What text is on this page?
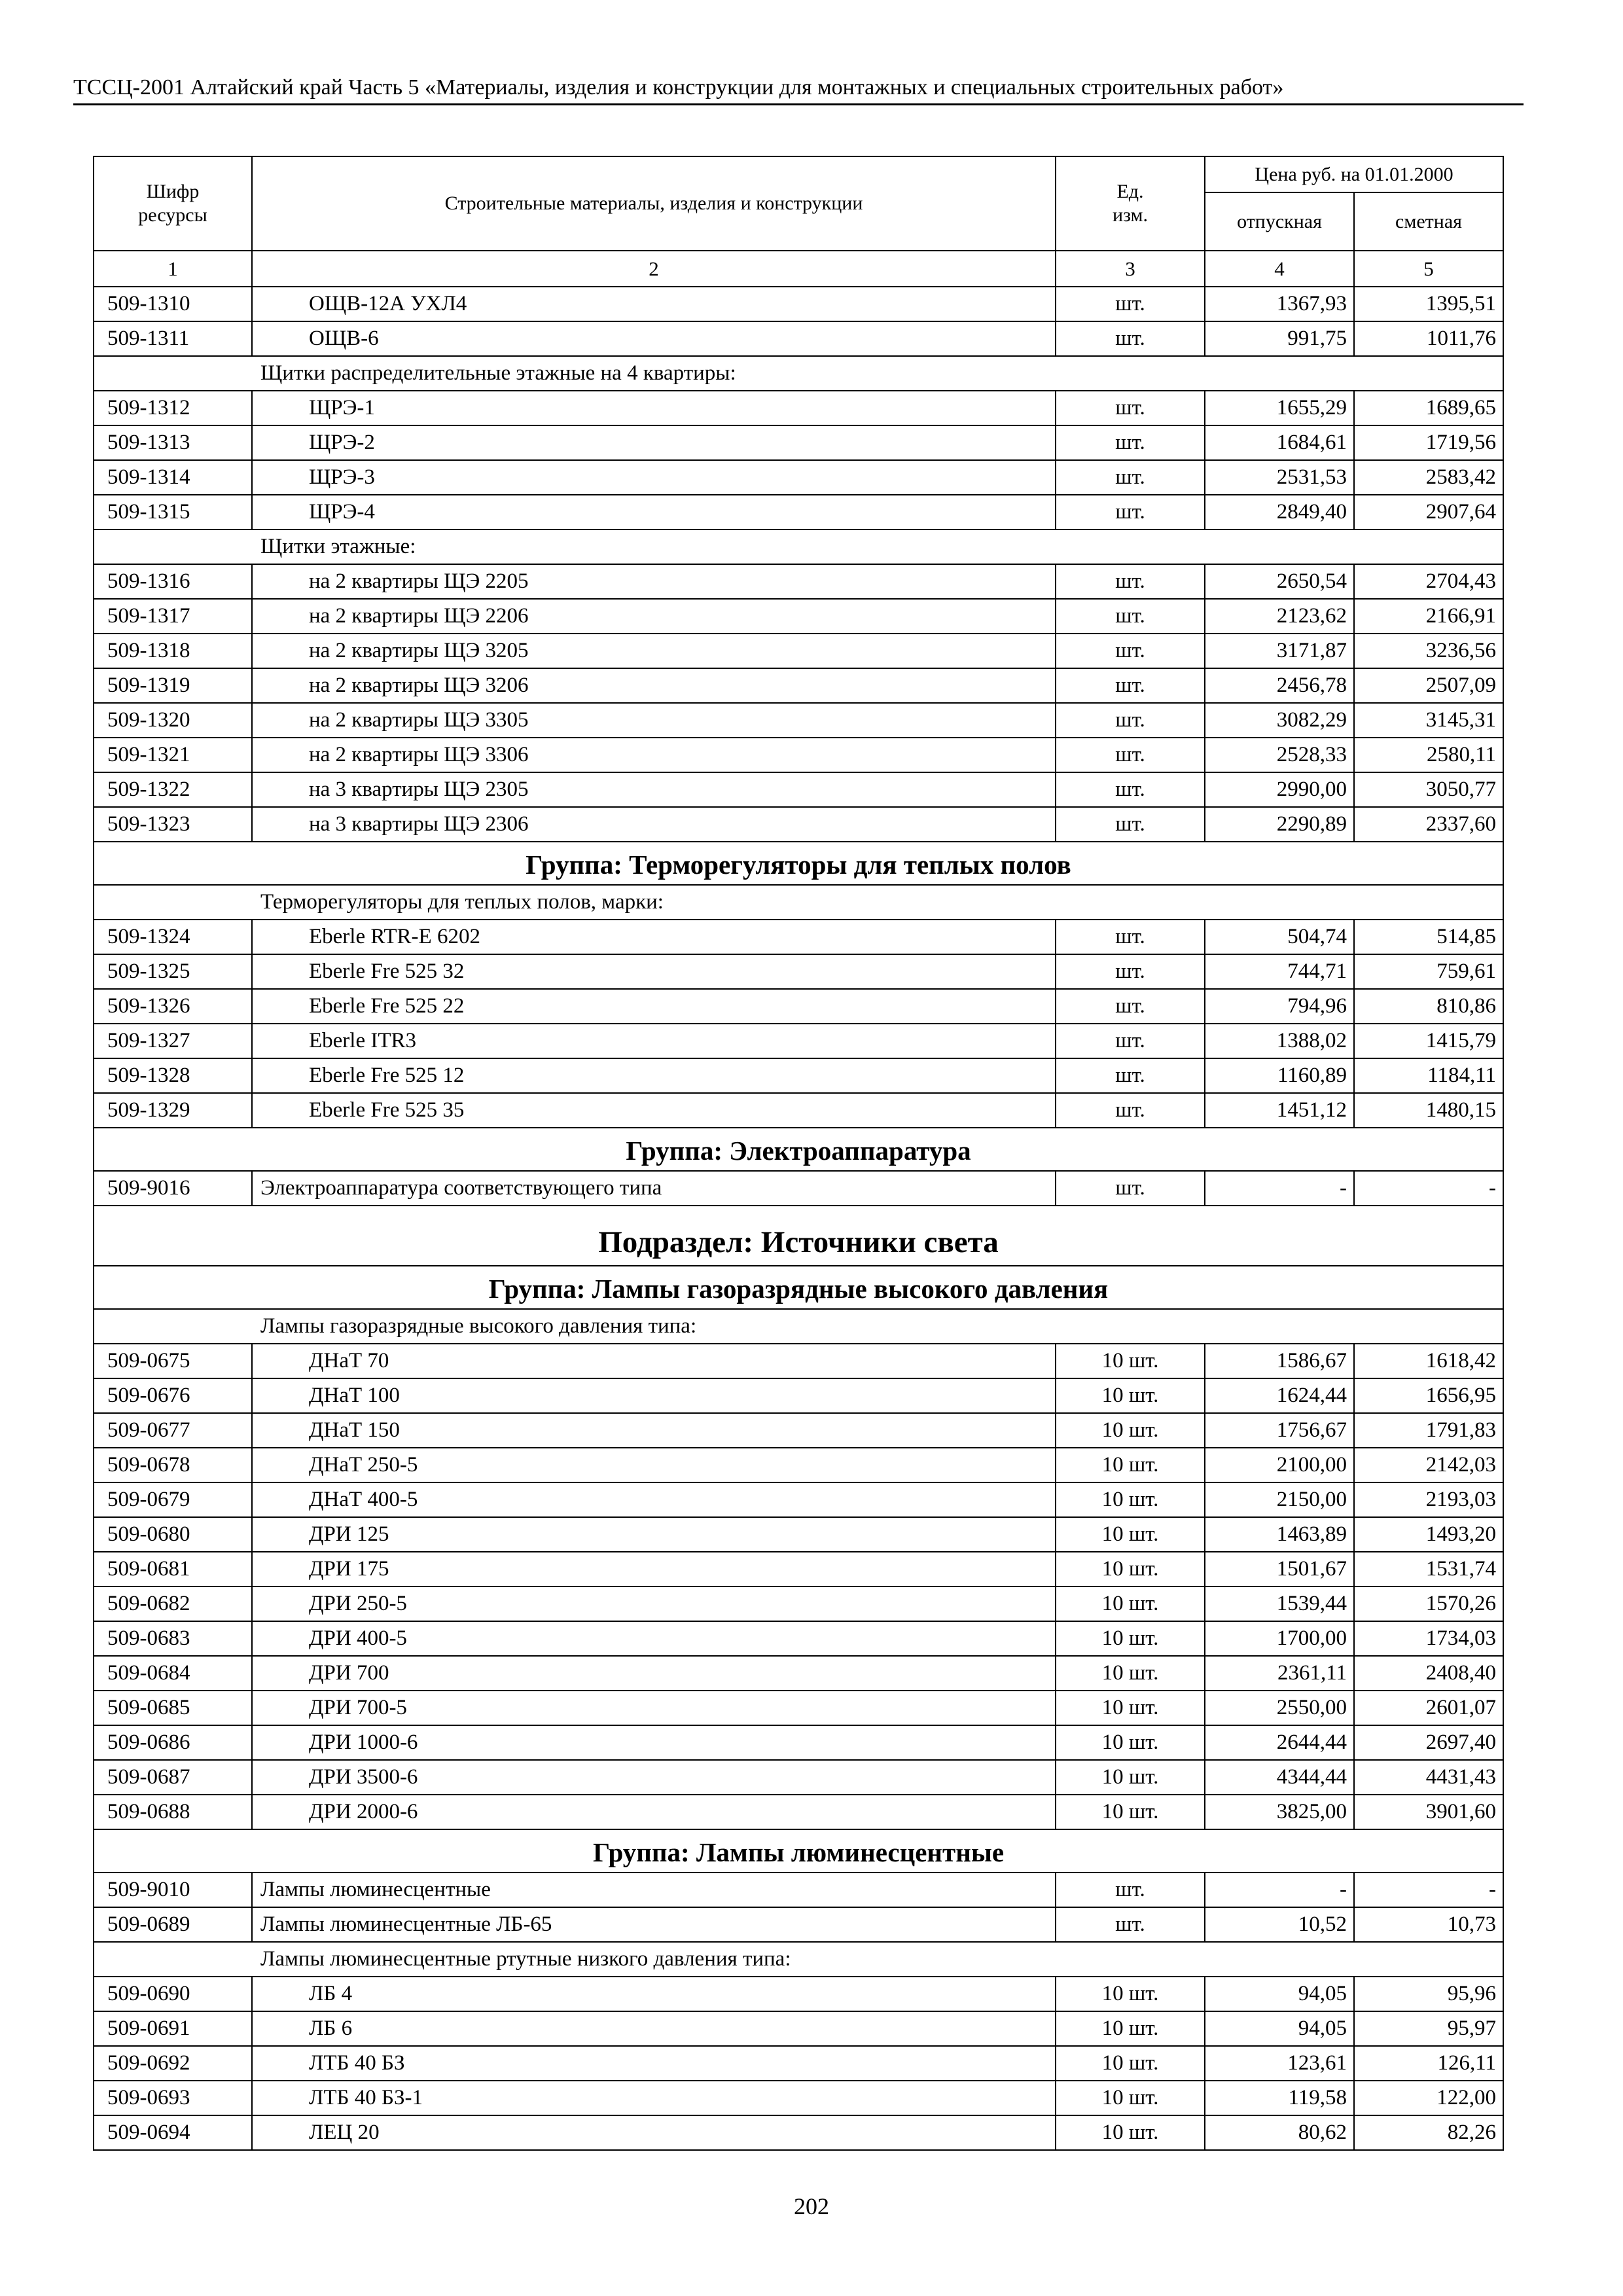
ТССЦ-2001 Алтайский край Часть 5 «Материалы, изделия и конструкции для монтажных и специальных строительных работ»
Шифр ресурсы	Строительные материалы, изделия и конструкции	Ед. изм.	Цена руб. на 01.01.2000	
			отпускная	сметная
1	2	3	4	5
509-1310	ОЩВ-12А УХЛ4	шт.	1367,93	1395,51
509-1311	ОЩВ-6	шт.	991,75	1011,76
Щитки распределительные этажные на 4 квартиры:				
509-1312	ЩРЭ-1	шт.	1655,29	1689,65
509-1313	ЩРЭ-2	шт.	1684,61	1719,56
509-1314	ЩРЭ-3	шт.	2531,53	2583,42
509-1315	ЩРЭ-4	шт.	2849,40	2907,64
Щитки этажные:				
509-1316	на 2 квартиры ЩЭ 2205	шт.	2650,54	2704,43
509-1317	на 2 квартиры ЩЭ 2206	шт.	2123,62	2166,91
509-1318	на 2 квартиры ЩЭ 3205	шт.	3171,87	3236,56
509-1319	на 2 квартиры ЩЭ 3206	шт.	2456,78	2507,09
509-1320	на 2 квартиры ЩЭ 3305	шт.	3082,29	3145,31
509-1321	на 2 квартиры ЩЭ 3306	шт.	2528,33	2580,11
509-1322	на 3 квартиры ЩЭ 2305	шт.	2990,00	3050,77
509-1323	на 3 квартиры ЩЭ 2306	шт.	2290,89	2337,60
Группа: Терморегуляторы для теплых полов				
Терморегуляторы для теплых полов, марки:				
509-1324	Eberle RTR-E 6202	шт.	504,74	514,85
509-1325	Eberle Fre 525 32	шт.	744,71	759,61
509-1326	Eberle Fre 525 22	шт.	794,96	810,86
509-1327	Eberle ITR3	шт.	1388,02	1415,79
509-1328	Eberle Fre 525 12	шт.	1160,89	1184,11
509-1329	Eberle Fre 525 35	шт.	1451,12	1480,15
Группа: Электроаппаратура				
509-9016	Электроаппаратура соответствующего типа	шт.	-	-
Подраздел: Источники света				
Группа: Лампы газоразрядные высокого давления				
Лампы газоразрядные высокого давления типа:				
509-0675	ДНаТ 70	10 шт.	1586,67	1618,42
509-0676	ДНаТ 100	10 шт.	1624,44	1656,95
509-0677	ДНаТ 150	10 шт.	1756,67	1791,83
509-0678	ДНаТ 250-5	10 шт.	2100,00	2142,03
509-0679	ДНаТ 400-5	10 шт.	2150,00	2193,03
509-0680	ДРИ 125	10 шт.	1463,89	1493,20
509-0681	ДРИ 175	10 шт.	1501,67	1531,74
509-0682	ДРИ 250-5	10 шт.	1539,44	1570,26
509-0683	ДРИ 400-5	10 шт.	1700,00	1734,03
509-0684	ДРИ 700	10 шт.	2361,11	2408,40
509-0685	ДРИ 700-5	10 шт.	2550,00	2601,07
509-0686	ДРИ 1000-6	10 шт.	2644,44	2697,40
509-0687	ДРИ 3500-6	10 шт.	4344,44	4431,43
509-0688	ДРИ 2000-6	10 шт.	3825,00	3901,60
Группа: Лампы люминесцентные				
509-9010	Лампы люминесцентные	шт.	-	-
509-0689	Лампы люминесцентные ЛБ-65	шт.	10,52	10,73
Лампы люминесцентные ртутные низкого давления типа:				
509-0690	ЛБ 4	10 шт.	94,05	95,96
509-0691	ЛБ 6	10 шт.	94,05	95,97
509-0692	ЛТБ 40 БЗ	10 шт.	123,61	126,11
509-0693	ЛТБ 40 БЗ-1	10 шт.	119,58	122,00
509-0694	ЛЕЦ 20	10 шт.	80,62	82,26
202
